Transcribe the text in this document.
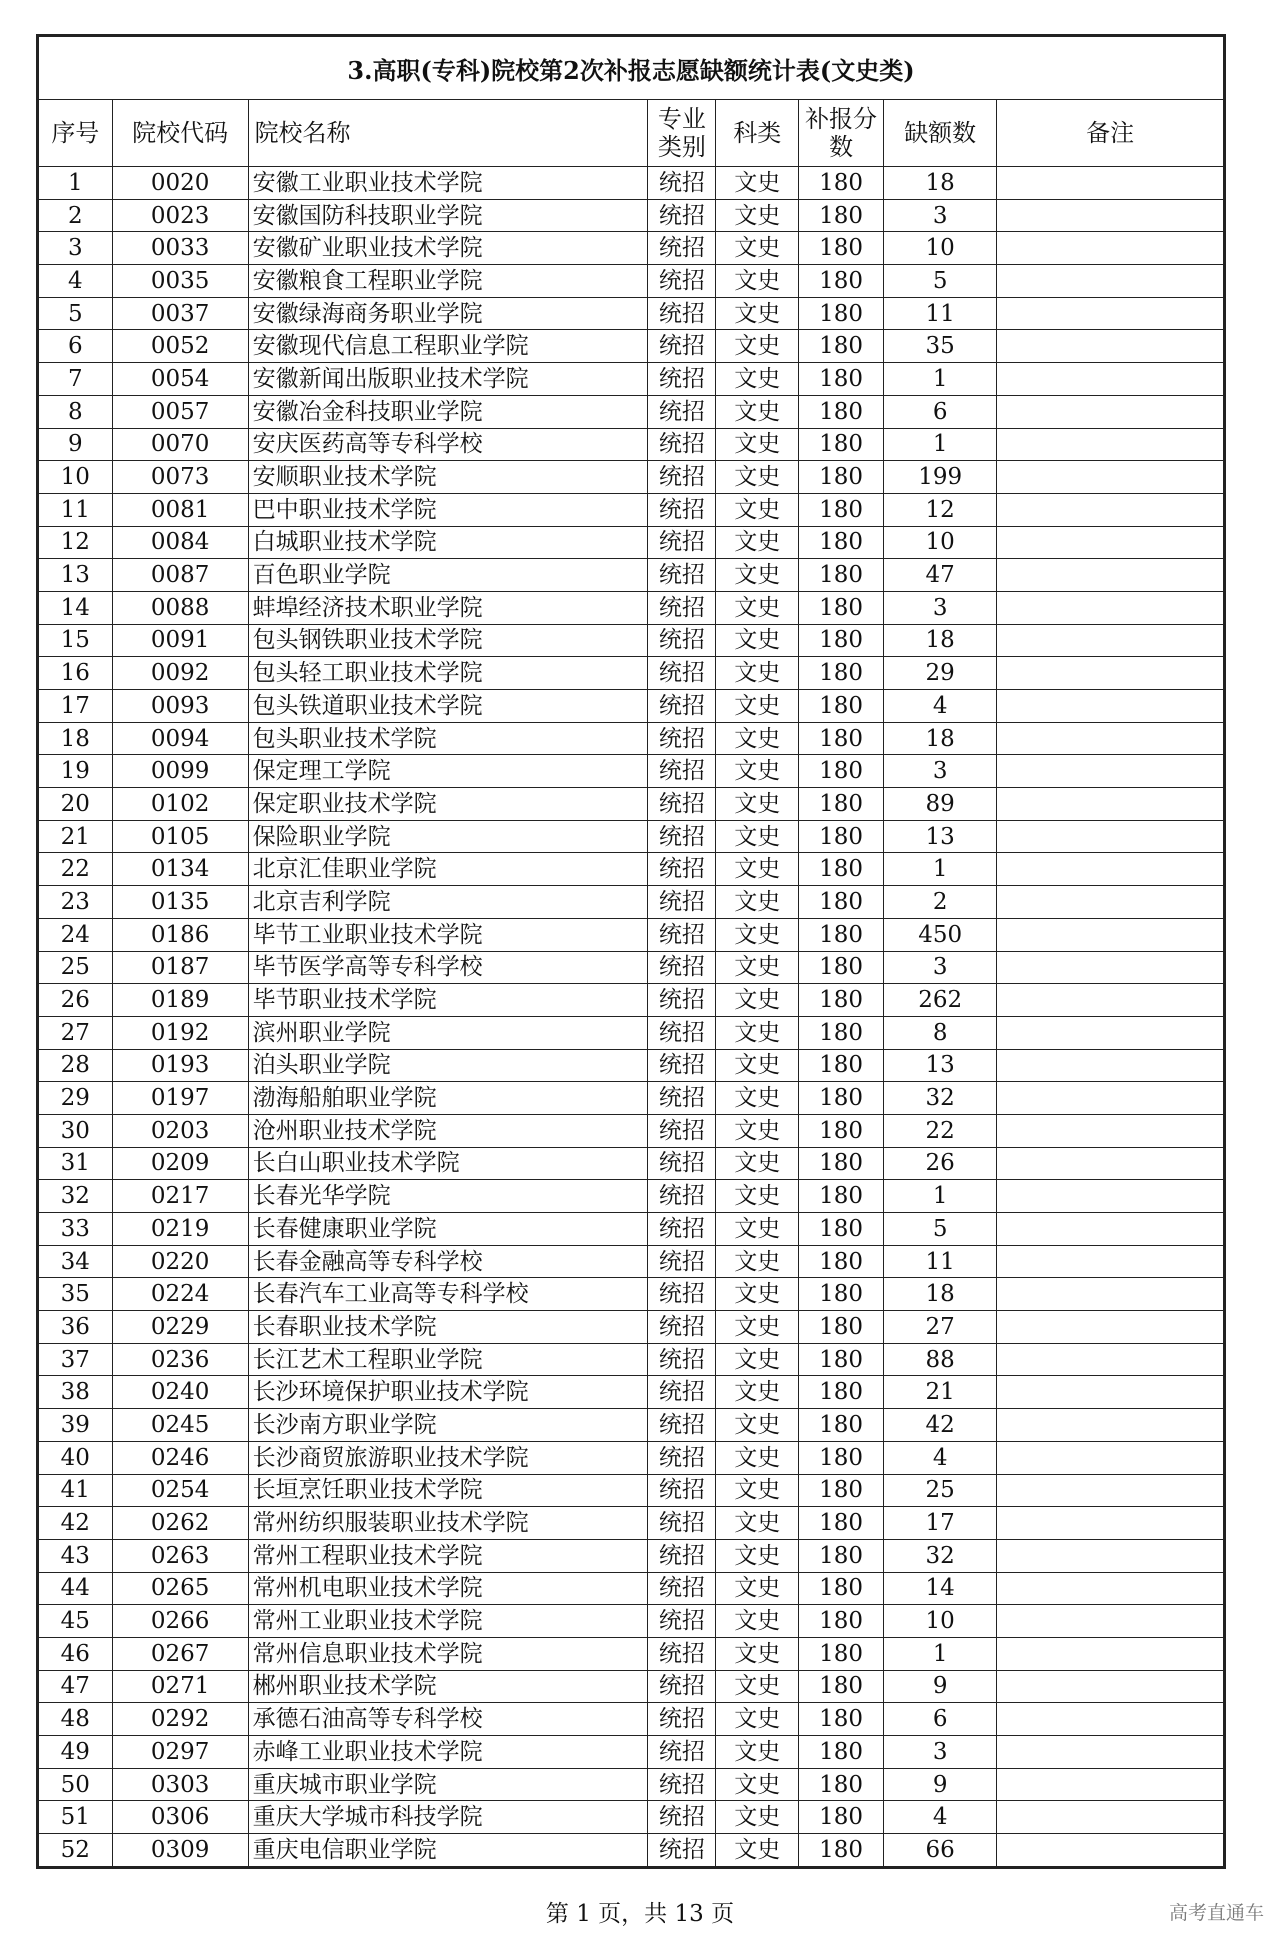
3.高职(专科)院校第2次补报志愿缺额统计表(文史类)							
序号	院校代码	院校名称	专业类别	科类	补报分数	缺额数	备注
1	0020	安徽工业职业技术学院	统招	文史	180	18	
2	0023	安徽国防科技职业学院	统招	文史	180	3	
3	0033	安徽矿业职业技术学院	统招	文史	180	10	
4	0035	安徽粮食工程职业学院	统招	文史	180	5	
5	0037	安徽绿海商务职业学院	统招	文史	180	11	
6	0052	安徽现代信息工程职业学院	统招	文史	180	35	
7	0054	安徽新闻出版职业技术学院	统招	文史	180	1	
8	0057	安徽冶金科技职业学院	统招	文史	180	6	
9	0070	安庆医药高等专科学校	统招	文史	180	1	
10	0073	安顺职业技术学院	统招	文史	180	199	
11	0081	巴中职业技术学院	统招	文史	180	12	
12	0084	白城职业技术学院	统招	文史	180	10	
13	0087	百色职业学院	统招	文史	180	47	
14	0088	蚌埠经济技术职业学院	统招	文史	180	3	
15	0091	包头钢铁职业技术学院	统招	文史	180	18	
16	0092	包头轻工职业技术学院	统招	文史	180	29	
17	0093	包头铁道职业技术学院	统招	文史	180	4	
18	0094	包头职业技术学院	统招	文史	180	18	
19	0099	保定理工学院	统招	文史	180	3	
20	0102	保定职业技术学院	统招	文史	180	89	
21	0105	保险职业学院	统招	文史	180	13	
22	0134	北京汇佳职业学院	统招	文史	180	1	
23	0135	北京吉利学院	统招	文史	180	2	
24	0186	毕节工业职业技术学院	统招	文史	180	450	
25	0187	毕节医学高等专科学校	统招	文史	180	3	
26	0189	毕节职业技术学院	统招	文史	180	262	
27	0192	滨州职业学院	统招	文史	180	8	
28	0193	泊头职业学院	统招	文史	180	13	
29	0197	渤海船舶职业学院	统招	文史	180	32	
30	0203	沧州职业技术学院	统招	文史	180	22	
31	0209	长白山职业技术学院	统招	文史	180	26	
32	0217	长春光华学院	统招	文史	180	1	
33	0219	长春健康职业学院	统招	文史	180	5	
34	0220	长春金融高等专科学校	统招	文史	180	11	
35	0224	长春汽车工业高等专科学校	统招	文史	180	18	
36	0229	长春职业技术学院	统招	文史	180	27	
37	0236	长江艺术工程职业学院	统招	文史	180	88	
38	0240	长沙环境保护职业技术学院	统招	文史	180	21	
39	0245	长沙南方职业学院	统招	文史	180	42	
40	0246	长沙商贸旅游职业技术学院	统招	文史	180	4	
41	0254	长垣烹饪职业技术学院	统招	文史	180	25	
42	0262	常州纺织服装职业技术学院	统招	文史	180	17	
43	0263	常州工程职业技术学院	统招	文史	180	32	
44	0265	常州机电职业技术学院	统招	文史	180	14	
45	0266	常州工业职业技术学院	统招	文史	180	10	
46	0267	常州信息职业技术学院	统招	文史	180	1	
47	0271	郴州职业技术学院	统招	文史	180	9	
48	0292	承德石油高等专科学校	统招	文史	180	6	
49	0297	赤峰工业职业技术学院	统招	文史	180	3	
50	0303	重庆城市职业学院	统招	文史	180	9	
51	0306	重庆大学城市科技学院	统招	文史	180	4	
52	0309	重庆电信职业学院	统招	文史	180	66	
第 1 页，共 13 页	高考直通车
